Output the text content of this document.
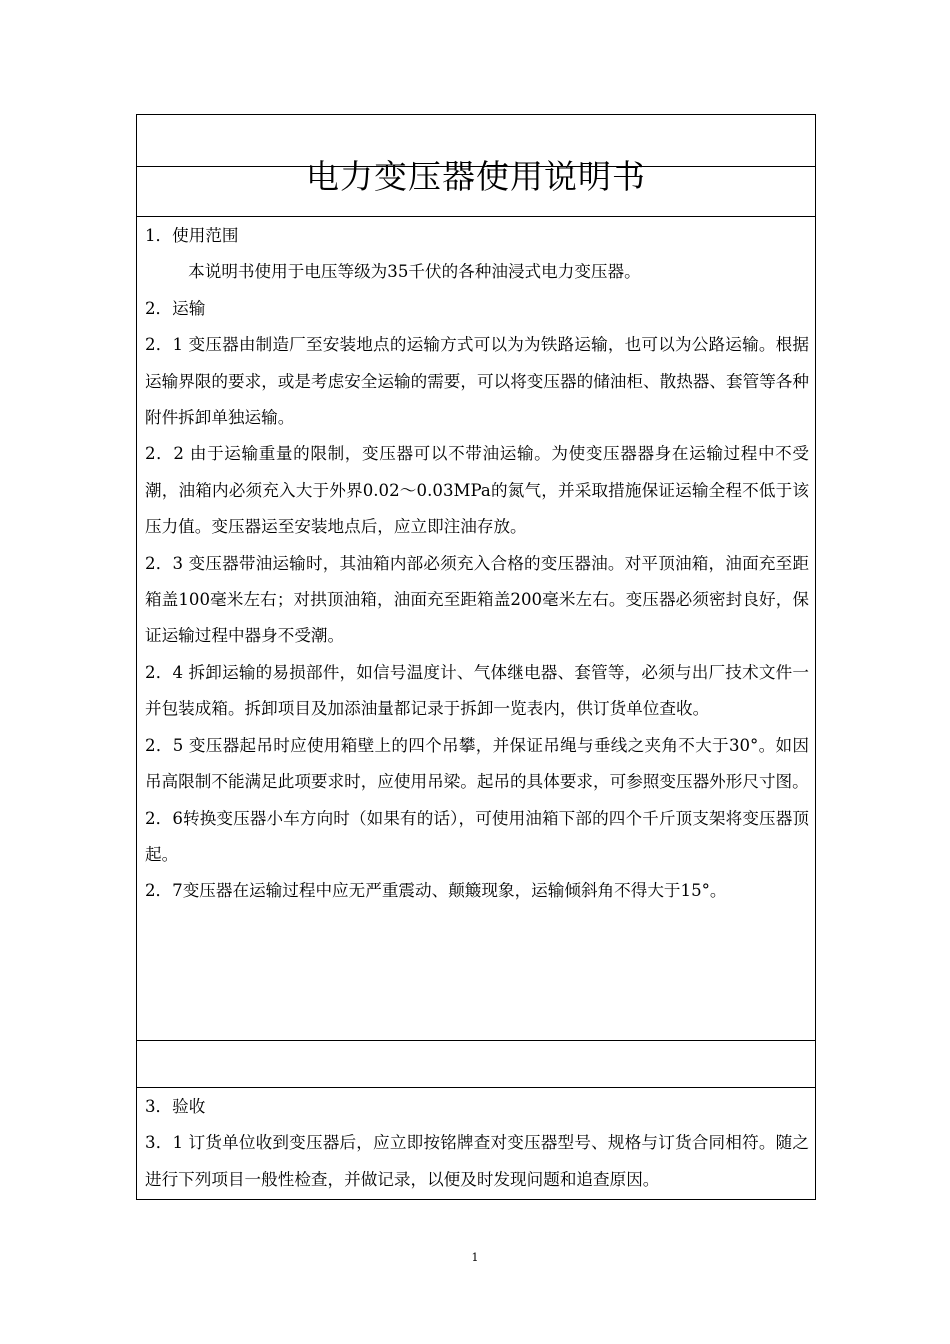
电力变压器使用说明书

1．使用范围

本说明书使用于电压等级为35千伏的各种油浸式电力变压器。

2．运输

2．1 变压器由制造厂至安装地点的运输方式可以为为铁路运输，也可以为公路运输。根据运输界限的要求，或是考虑安全运输的需要，可以将变压器的储油柜、散热器、套管等各种附件拆卸单独运输。

2．2 由于运输重量的限制，变压器可以不带油运输。为使变压器器身在运输过程中不受潮，油箱内必须充入大于外界0.02～0.03MPa的氮气，并采取措施保证运输全程不低于该压力值。变压器运至安装地点后，应立即注油存放。

2．3 变压器带油运输时，其油箱内部必须充入合格的变压器油。对平顶油箱，油面充至距箱盖100毫米左右；对拱顶油箱，油面充至距箱盖200毫米左右。变压器必须密封良好，保证运输过程中器身不受潮。

2．4 拆卸运输的易损部件，如信号温度计、气体继电器、套管等，必须与出厂技术文件一并包装成箱。拆卸项目及加添油量都记录于拆卸一览表内，供订货单位查收。

2．5 变压器起吊时应使用箱壁上的四个吊攀，并保证吊绳与垂线之夹角不大于30°。如因吊高限制不能满足此项要求时，应使用吊梁。起吊的具体要求，可参照变压器外形尺寸图。

2．6转换变压器小车方向时（如果有的话），可使用油箱下部的四个千斤顶支架将变压器顶起。

2．7变压器在运输过程中应无严重震动、颠簸现象，运输倾斜角不得大于15°。

3．验收

3．1 订货单位收到变压器后，应立即按铭牌查对变压器型号、规格与订货合同相符。随之进行下列项目一般性检查，并做记录，以便及时发现问题和追查原因。

1
